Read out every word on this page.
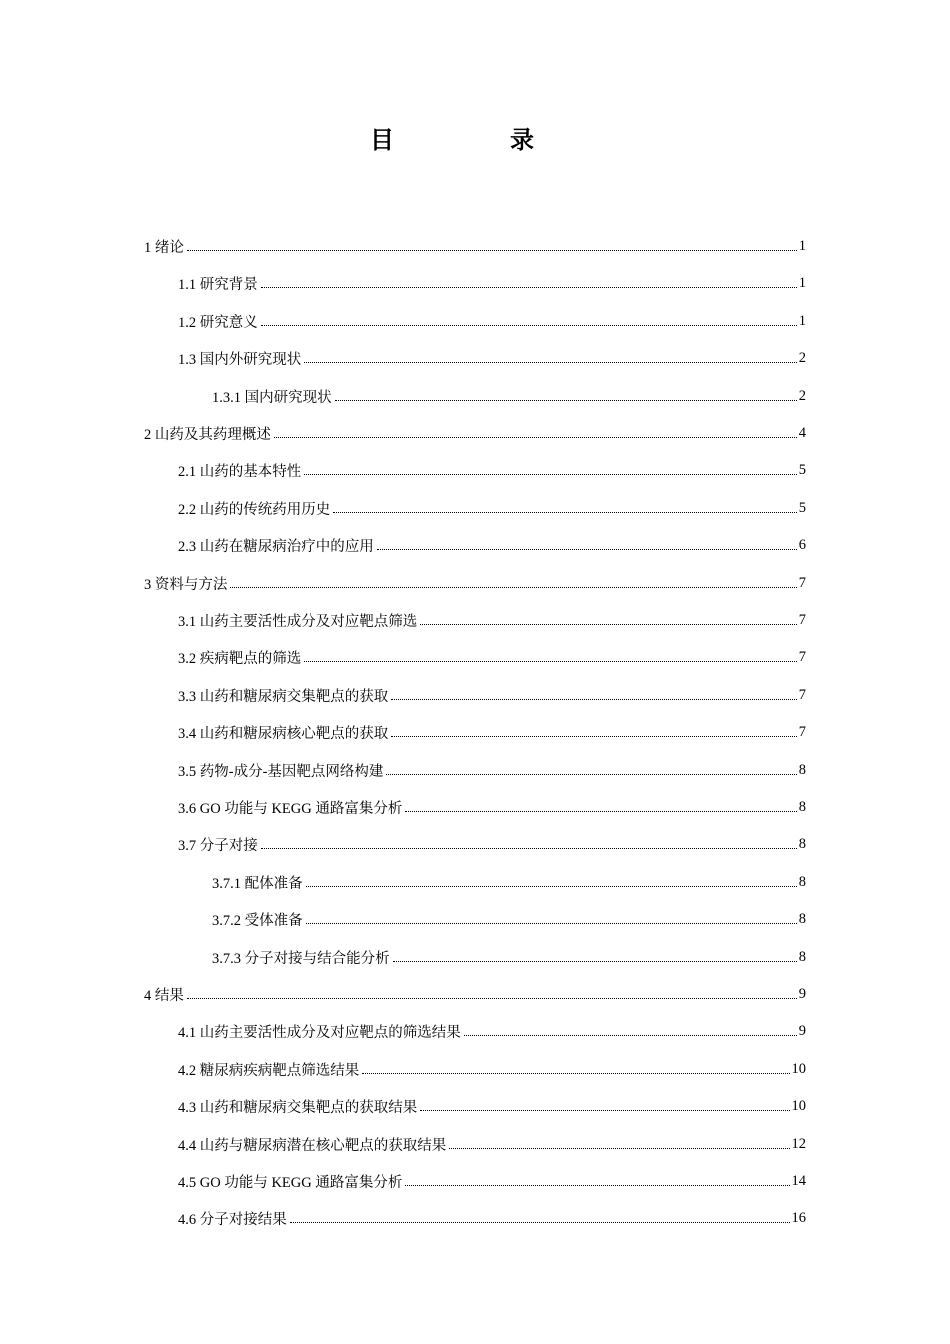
目　录
1 绪论	1
1.1 研究背景	1
1.2 研究意义	1
1.3 国内外研究现状	2
1.3.1 国内研究现状	2
2 山药及其药理概述	4
2.1 山药的基本特性	5
2.2 山药的传统药用历史	5
2.3 山药在糖尿病治疗中的应用	6
3 资料与方法	7
3.1 山药主要活性成分及对应靶点筛选	7
3.2 疾病靶点的筛选	7
3.3 山药和糖尿病交集靶点的获取	7
3.4 山药和糖尿病核心靶点的获取	7
3.5 药物-成分-基因靶点网络构建	8
3.6 GO 功能与 KEGG 通路富集分析	8
3.7 分子对接	8
3.7.1 配体准备	8
3.7.2 受体准备	8
3.7.3 分子对接与结合能分析	8
4 结果	9
4.1 山药主要活性成分及对应靶点的筛选结果	9
4.2 糖尿病疾病靶点筛选结果	10
4.3 山药和糖尿病交集靶点的获取结果	10
4.4 山药与糖尿病潜在核心靶点的获取结果	12
4.5 GO 功能与 KEGG 通路富集分析	14
4.6 分子对接结果	16
